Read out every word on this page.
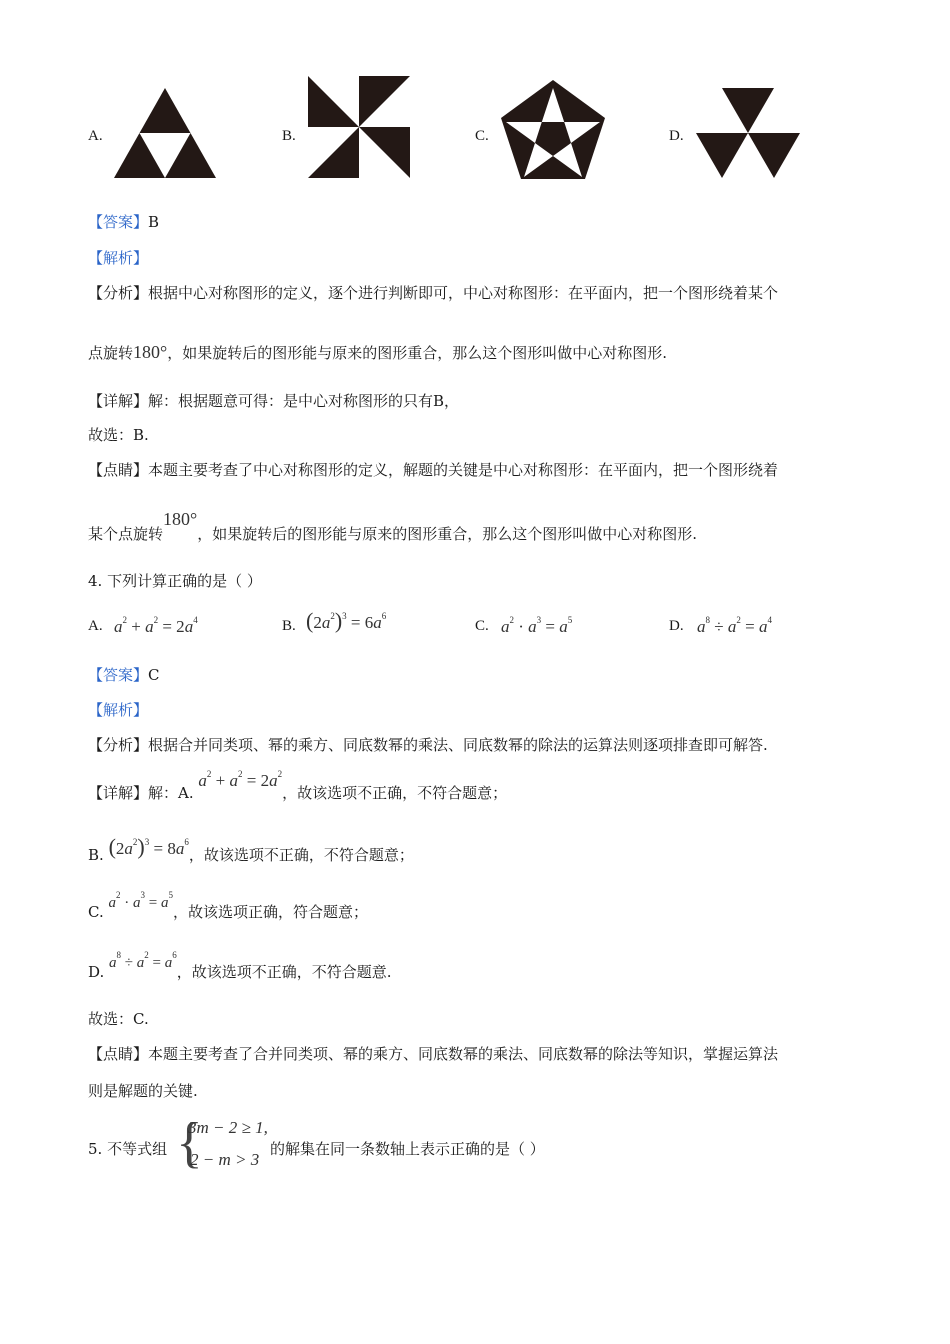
A.	B.	C.	D.
【答案】B
【解析】
【分析】根据中心对称图形的定义，逐个进行判断即可，中心对称图形：在平面内，把一个图形绕着某个
点旋转180°，如果旋转后的图形能与原来的图形重合，那么这个图形叫做中心对称图形.
【详解】解：根据题意可得：是中心对称图形的只有B，
故选：B.
【点睛】本题主要考查了中心对称图形的定义，解题的关键是中心对称图形：在平面内，把一个图形绕着
某个点旋转180°，如果旋转后的图形能与原来的图形重合，那么这个图形叫做中心对称图形.
4. 下列计算正确的是（ ）
A. $a^2 + a^2 = 2a^4$	B. $(2a^2)^3 = 6a^6$
C. $a^2 \cdot a^3 = a^5$	D. $a^8 \div a^2 = a^4$
【答案】C
【解析】
【分析】根据合并同类项、幂的乘方、同底数幂的乘法、同底数幂的除法的运算法则逐项排查即可解答.
【详解】解：A. $a^2 + a^2 = 2a^2$，故该选项不正确，不符合题意；
B. $(2a^2)^3 = 8a^6$，故该选项不正确，不符合题意；
C. $a^2 \cdot a^3 = a^5$，故该选项正确，符合题意；
D. $a^8 \div a^2 = a^6$，故该选项不正确，不符合题意.
故选：C.
【点睛】本题主要考查了合并同类项、幂的乘方、同底数幂的乘法、同底数幂的除法等知识，掌握运算法
则是解题的关键.
5. 不等式组 {
3m − 2 ≥ 1,
2 − m > 3
的解集在同一条数轴上表示正确的是（ ）
